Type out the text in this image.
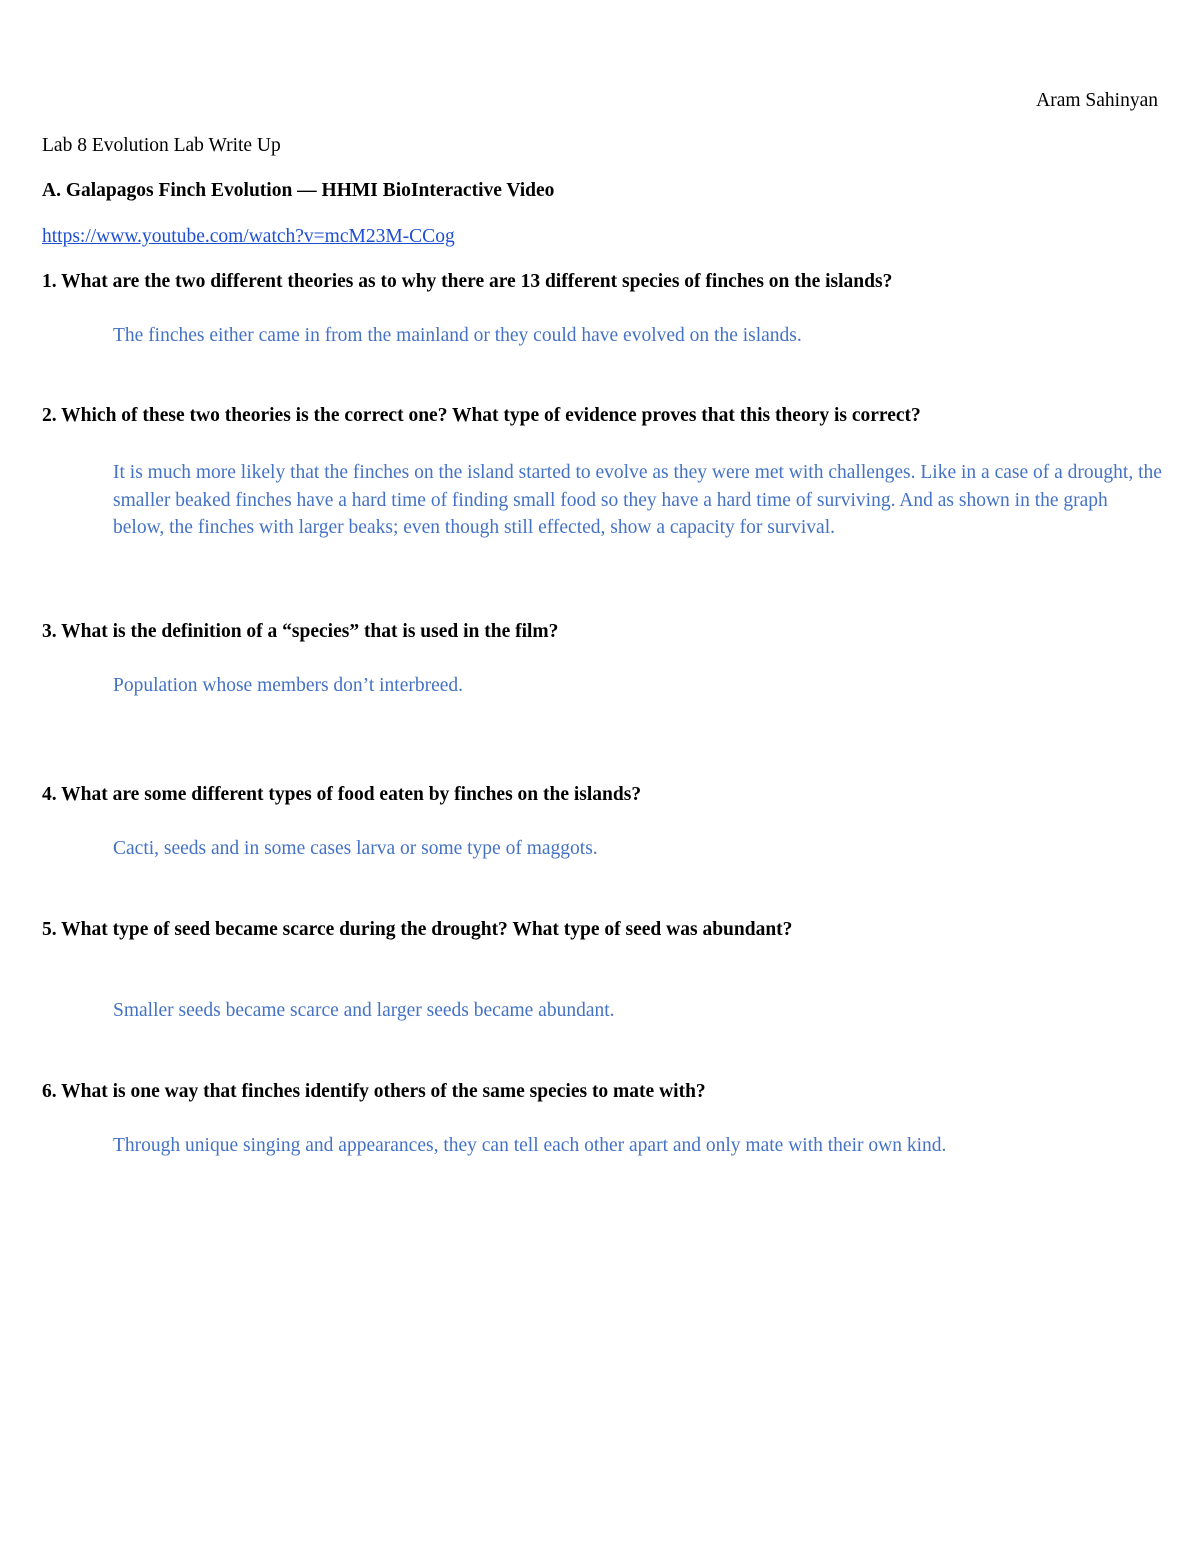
Aram Sahinyan

Lab 8 Evolution Lab Write Up

A. Galapagos Finch Evolution — HHMI BioInteractive Video

https://www.youtube.com/watch?v=mcM23M-CCog

1. What are the two different theories as to why there are 13 different species of finches on the islands?

The finches either came in from the mainland or they could have evolved on the islands.

2. Which of these two theories is the correct one? What type of evidence proves that this theory is correct?

It is much more likely that the finches on the island started to evolve as they were met with challenges. Like in a case of a drought, the smaller beaked finches have a hard time of finding small food so they have a hard time of surviving. And as shown in the graph below, the finches with larger beaks; even though still effected, show a capacity for survival.

3. What is the definition of a “species” that is used in the film?

Population whose members don’t interbreed.

4. What are some different types of food eaten by finches on the islands?

Cacti, seeds and in some cases larva or some type of maggots.

5. What type of seed became scarce during the drought? What type of seed was abundant?

Smaller seeds became scarce and larger seeds became abundant.

6. What is one way that finches identify others of the same species to mate with?

Through unique singing and appearances, they can tell each other apart and only mate with their own kind.
